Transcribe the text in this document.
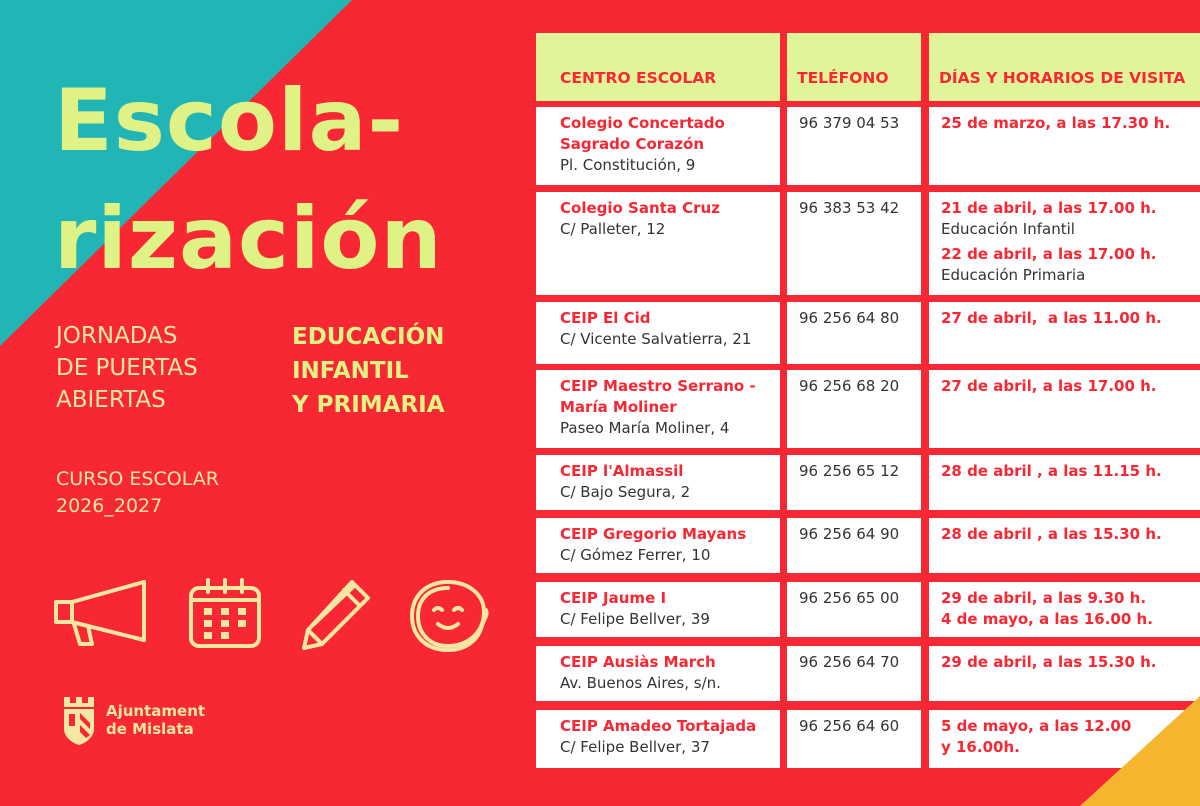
Escola-
rización
JORNADAS
DE PUERTAS
ABIERTAS
EDUCACIÓN
INFANTIL
Y PRIMARIA
CURSO ESCOLAR
2026_2027
Ajuntament
de Mislata
CENTRO ESCOLAR	TELÉFONO	DÍAS Y HORARIOS DE VISITA
Colegio Concertado
Sagrado Corazón
Pl. Constitución, 9
96 379 04 53	25 de marzo, a las 17.30 h.
Colegio Santa Cruz
C/ Palleter, 12
96 383 53 42	21 de abril, a las 17.00 h.
Educación Infantil
22 de abril, a las 17.00 h.
Educación Primaria
CEIP El Cid
C/ Vicente Salvatierra, 21
96 256 64 80	27 de abril,  a las 11.00 h.
CEIP Maestro Serrano -
María Moliner
Paseo María Moliner, 4
96 256 68 20	27 de abril, a las 17.00 h.
CEIP l'Almassil
C/ Bajo Segura, 2
96 256 65 12	28 de abril , a las 11.15 h.
CEIP Gregorio Mayans
C/ Gómez Ferrer, 10
96 256 64 90	28 de abril , a las 15.30 h.
CEIP Jaume I
C/ Felipe Bellver, 39
96 256 65 00	29 de abril, a las 9.30 h.
4 de mayo, a las 16.00 h.
CEIP Ausiàs March
Av. Buenos Aires, s/n.
96 256 64 70	29 de abril, a las 15.30 h.
CEIP Amadeo Tortajada
C/ Felipe Bellver, 37
96 256 64 60	5 de mayo, a las 12.00
y 16.00h.
